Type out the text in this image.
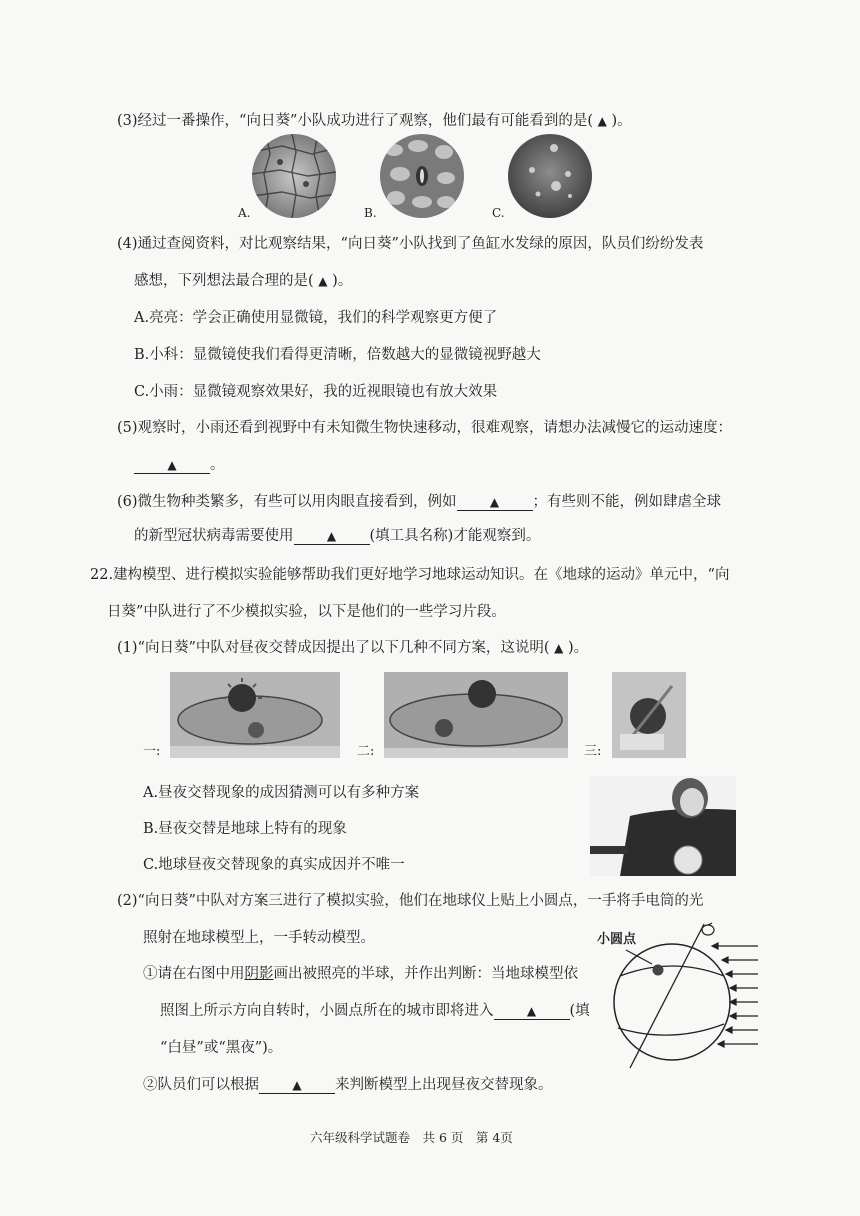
(3)经过一番操作，“向日葵”小队成功进行了观察，他们最有可能看到的是( ▲ )。
A.	B.	C.
(4)通过查阅资料，对比观察结果，“向日葵”小队找到了鱼缸水发绿的原因，队员们纷纷发表
感想，下列想法最合理的是( ▲ )。
A.亮亮：学会正确使用显微镜，我们的科学观察更方便了
B.小科：显微镜使我们看得更清晰，倍数越大的显微镜视野越大
C.小雨：显微镜观察效果好，我的近视眼镜也有放大效果
(5)观察时，小雨还看到视野中有未知微生物快速移动，很难观察，请想办法减慢它的运动速度：
▲ 。
(6)微生物种类繁多，有些可以用肉眼直接看到，例如	▲ ；有些则不能，例如肆虐全球
的新型冠状病毒需要使用	▲ (填工具名称)才能观察到。
22.建构模型、进行模拟实验能够帮助我们更好地学习地球运动知识。在《地球的运动》单元中，“向
日葵”中队进行了不少模拟实验，以下是他们的一些学习片段。
(1)“向日葵”中队对昼夜交替成因提出了以下几种不同方案，这说明( ▲ )。
一:	二:	三:
A.昼夜交替现象的成因猜测可以有多种方案
B.昼夜交替是地球上特有的现象
C.地球昼夜交替现象的真实成因并不唯一
(2)“向日葵”中队对方案三进行了模拟实验，他们在地球仪上贴上小圆点，一手将手电筒的光
照射在地球模型上，一手转动模型。
①请在右图中用阴影画出被照亮的半球，并作出判断：当地球模型依
照图上所示方向自转时，小圆点所在的城市即将进入	▲ (填
“白昼”或“黑夜”)。
②队员们可以根据	▲ 来判断模型上出现昼夜交替现象。
小圆点
六年级科学试题卷　共 6 页　第 4页
